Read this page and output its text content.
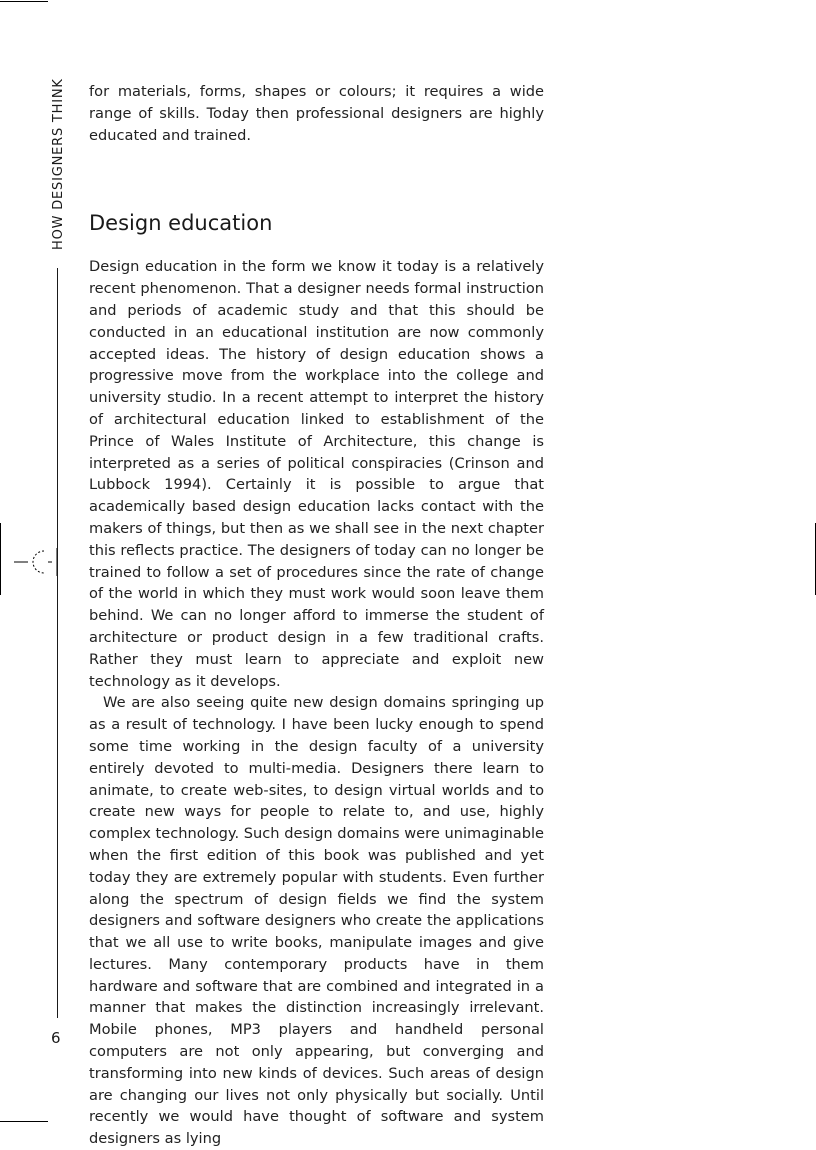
HOW DESIGNERS THINK
6

for materials, forms, shapes or colours; it requires a wide range of skills. Today then professional designers are highly educated and trained.

Design education

Design education in the form we know it today is a relatively recent phenomenon. That a designer needs formal instruction and periods of academic study and that this should be conducted in an educational institution are now commonly accepted ideas. The history of design education shows a progressive move from the workplace into the college and university studio. In a recent attempt to interpret the history of architectural education linked to establishment of the Prince of Wales Institute of Architecture, this change is interpreted as a series of political conspiracies (Crinson and Lubbock 1994). Certainly it is possible to argue that academically based design education lacks contact with the makers of things, but then as we shall see in the next chapter this reflects practice. The designers of today can no longer be trained to follow a set of procedures since the rate of change of the world in which they must work would soon leave them behind. We can no longer afford to immerse the student of architecture or product design in a few traditional crafts. Rather they must learn to appreciate and exploit new technology as it develops.

We are also seeing quite new design domains springing up as a result of technology. I have been lucky enough to spend some time working in the design faculty of a university entirely devoted to multi-media. Designers there learn to animate, to create web-sites, to design virtual worlds and to create new ways for people to relate to, and use, highly complex technology. Such design domains were unimaginable when the first edition of this book was published and yet today they are extremely popular with students. Even further along the spectrum of design fields we find the system designers and software designers who create the applications that we all use to write books, manipulate images and give lectures. Many contemporary products have in them hardware and software that are combined and integrated in a manner that makes the distinction increasingly irrelevant. Mobile phones, MP3 players and handheld personal computers are not only appearing, but converging and transforming into new kinds of devices. Such areas of design are changing our lives not only physically but socially. Until recently we would have thought of software and system designers as lying
